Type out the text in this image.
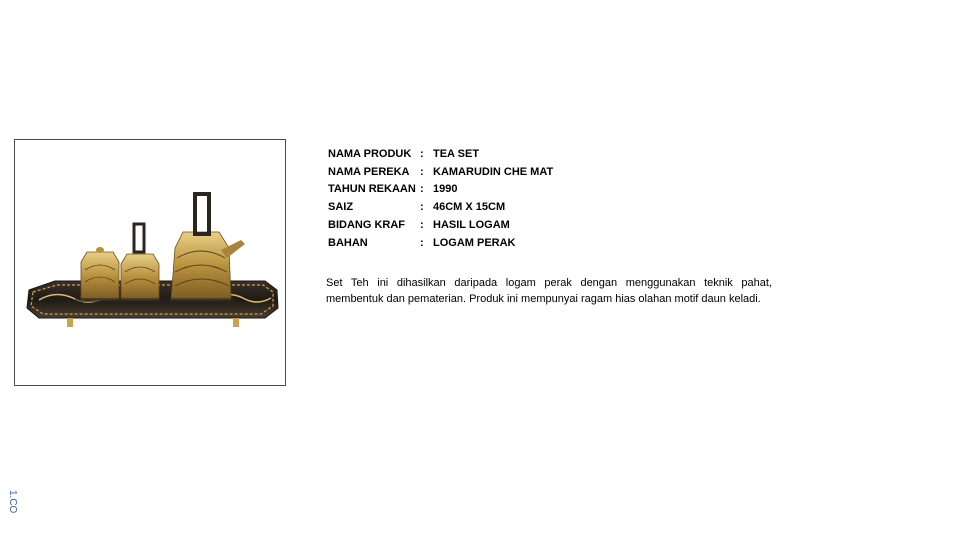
NAMA PRODUK	:	TEA SET
NAMA PEREKA	:	KAMARUDIN CHE MAT
TAHUN REKAAN	:	1990
SAIZ	:	46CM X 15CM
BIDANG KRAF	:	HASIL LOGAM
BAHAN	:	LOGAM PERAK

Set Teh ini dihasilkan daripada logam perak dengan menggunakan teknik pahat, membentuk dan pematerian. Produk ini mempunyai ragam hias olahan motif daun keladi.

1.CO
